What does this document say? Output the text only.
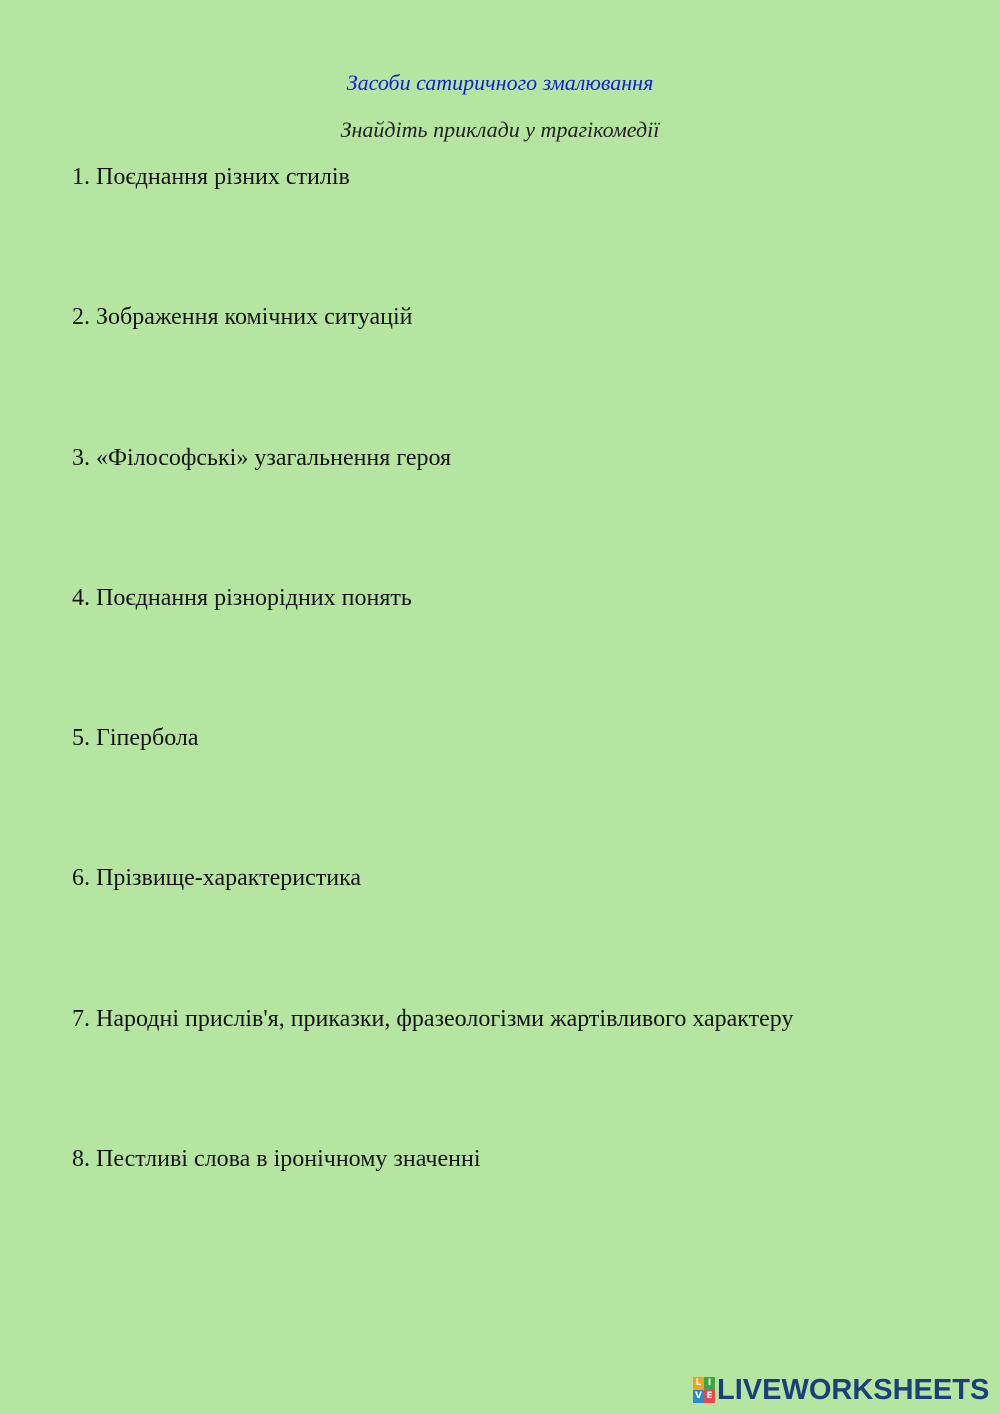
Засоби сатиричного змалювання
Знайдіть приклади у трагікомедії
1. Поєднання різних стилів
2. Зображення комічних ситуацій
3. «Філософські» узагальнення героя
4. Поєднання різнорідних понять
5. Гіпербола
6. Прізвище-характеристика
7. Народні прислів'я, приказки, фразеологізми жартівливого характеру
8. Пестливі слова в іронічному значенні
L I
V E LIVEWORKSHEETS
